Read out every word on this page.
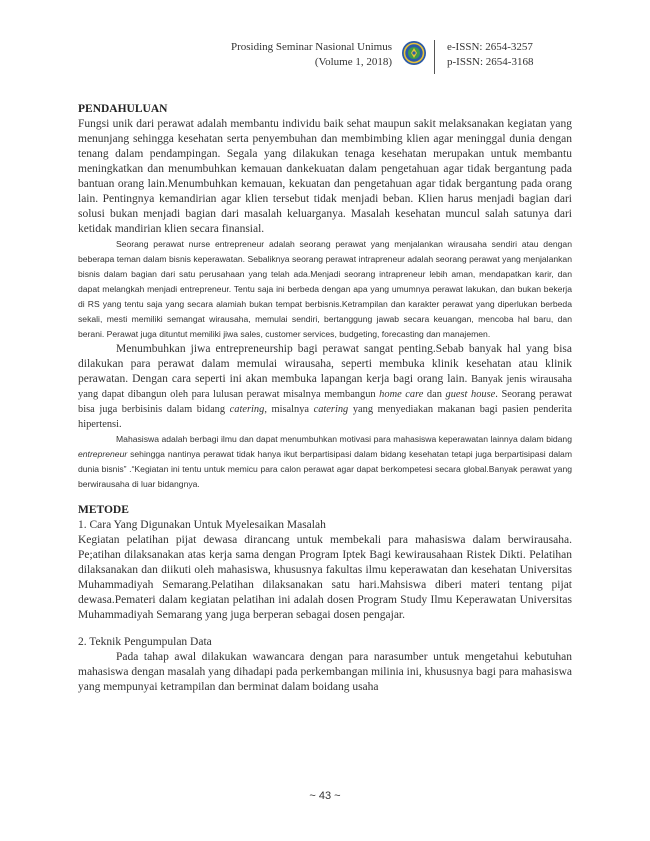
Prosiding Seminar Nasional Unimus
(Volume 1, 2018)
e-ISSN: 2654-3257
p-ISSN: 2654-3168
PENDAHULUAN

Fungsi unik dari perawat adalah membantu individu baik sehat maupun sakit melaksanakan kegiatan yang menunjang sehingga kesehatan serta penyembuhan dan membimbing klien agar meninggal dunia dengan tenang dalam pendampingan. Segala yang dilakukan tenaga kesehatan merupakan untuk membantu meningkatkan dan menumbuhkan kemauan dankekuatan dalam pengetahuan agar tidak bergantung pada bantuan orang lain.Menumbuhkan kemauan, kekuatan dan pengetahuan agar tidak bergantung pada orang lain. Pentingnya kemandirian agar klien tersebut tidak menjadi beban. Klien harus menjadi bagian dari solusi bukan menjadi bagian dari masalah keluarganya. Masalah kesehatan muncul salah satunya dari ketidak mandirian klien secara finansial.

Seorang perawat nurse entrepreneur adalah seorang perawat yang menjalankan wirausaha sendiri atau dengan beberapa teman dalam bisnis keperawatan. Sebaliknya seorang perawat intrapreneur adalah seorang perawat yang menjalankan bisnis dalam bagian dari satu perusahaan yang telah ada.Menjadi seorang intrapreneur lebih aman, mendapatkan karir, dan dapat melangkah menjadi entrepreneur. Tentu saja ini berbeda dengan apa yang umumnya perawat lakukan, dan bukan bekerja di RS yang tentu saja yang secara alamiah bukan tempat berbisnis.Ketrampilan dan karakter perawat yang diperlukan berbeda sekali, mesti memiliki semangat wirausaha, memulai sendiri, bertanggung jawab secara keuangan, mencoba hal baru, dan berani. Perawat juga dituntut memiliki jiwa sales, customer services, budgeting, forecasting dan manajemen.

Menumbuhkan jiwa entrepreneurship bagi perawat sangat penting.Sebab banyak hal yang bisa dilakukan para perawat dalam memulai wirausaha, seperti membuka klinik kesehatan atau klinik perawatan. Dengan cara seperti ini akan membuka lapangan kerja bagi orang lain. Banyak jenis wirausaha yang dapat dibangun oleh para lulusan perawat misalnya membangun home care dan guest house. Seorang perawat bisa juga berbisinis dalam bidang catering, misalnya catering yang menyediakan makanan bagi pasien penderita hipertensi.

Mahasiswa adalah berbagi ilmu dan dapat menumbuhkan motivasi para mahasiswa keperawatan lainnya dalam bidang entrepreneur sehingga nantinya perawat tidak hanya ikut berpartisipasi dalam bidang kesehatan tetapi juga berpartisipasi dalam dunia bisnis” .“Kegiatan ini tentu untuk memicu para calon perawat agar dapat berkompetesi secara global.Banyak perawat yang berwirausaha di luar bidangnya.

METODE
1. Cara Yang Digunakan Untuk Myelesaikan Masalah

Kegiatan pelatihan pijat dewasa dirancang untuk membekali para mahasiswa dalam berwirausaha. Pe;atihan dilaksanakan atas kerja sama dengan Program Iptek Bagi kewirausahaan Ristek Dikti. Pelatihan dilaksanakan dan diikuti oleh mahasiswa, khususnya fakultas ilmu keperawatan dan kesehatan Universitas Muhammadiyah Semarang.Pelatihan dilaksanakan satu hari.Mahsiswa diberi materi tentang pijat dewasa.Pemateri dalam kegiatan pelatihan ini adalah dosen Program Study Ilmu Keperawatan Universitas Muhammadiyah Semarang yang juga berperan sebagai dosen pengajar.

2. Teknik Pengumpulan Data

Pada tahap awal dilakukan wawancara dengan para narasumber untuk mengetahui kebutuhan mahasiswa dengan masalah yang dihadapi pada perkembangan milinia ini, khususnya bagi para mahasiswa yang mempunyai ketrampilan dan berminat dalam boidang usaha

~ 43 ~
